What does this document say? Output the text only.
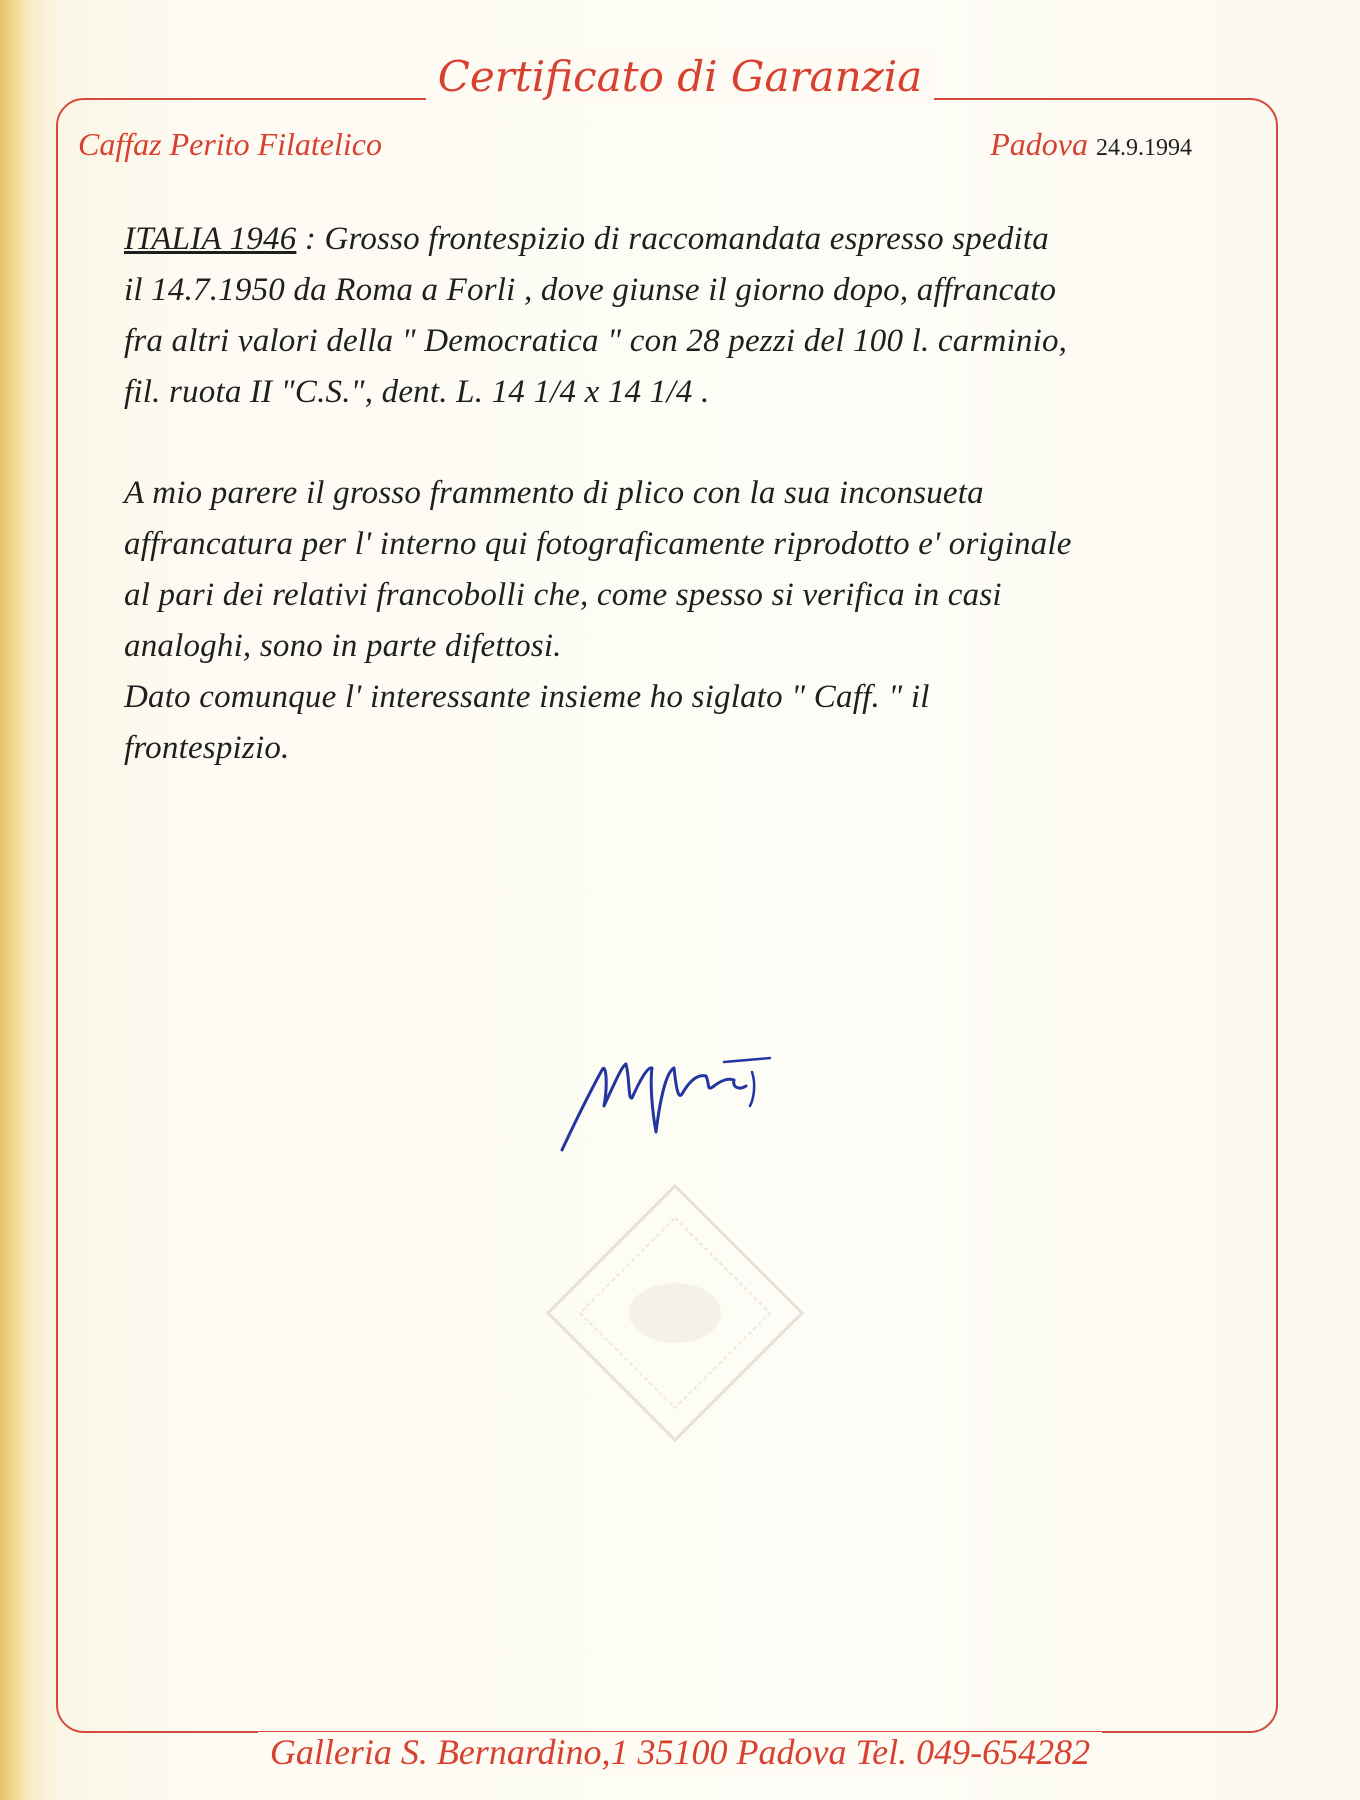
Certificato di Garanzia
Caffaz Perito Filatelico	Padova 24.9.1994
ITALIA 1946 : Grosso frontespizio di raccomandata espresso spedita
il 14.7.1950 da Roma a Forli , dove giunse il giorno dopo, affrancato
fra altri valori della " Democratica " con 28 pezzi del 100 l. carminio,
fil. ruota II "C.S.", dent. L. 14 1/4 x 14 1/4 .
A mio parere il grosso frammento di plico con la sua inconsueta
affrancatura per l' interno qui fotograficamente riprodotto e' originale
al pari dei relativi francobolli che, come spesso si verifica in casi
analoghi, sono in parte difettosi.
Dato comunque l' interessante insieme ho siglato " Caff. " il
frontespizio.
Galleria S. Bernardino,1 35100 Padova Tel. 049-654282
